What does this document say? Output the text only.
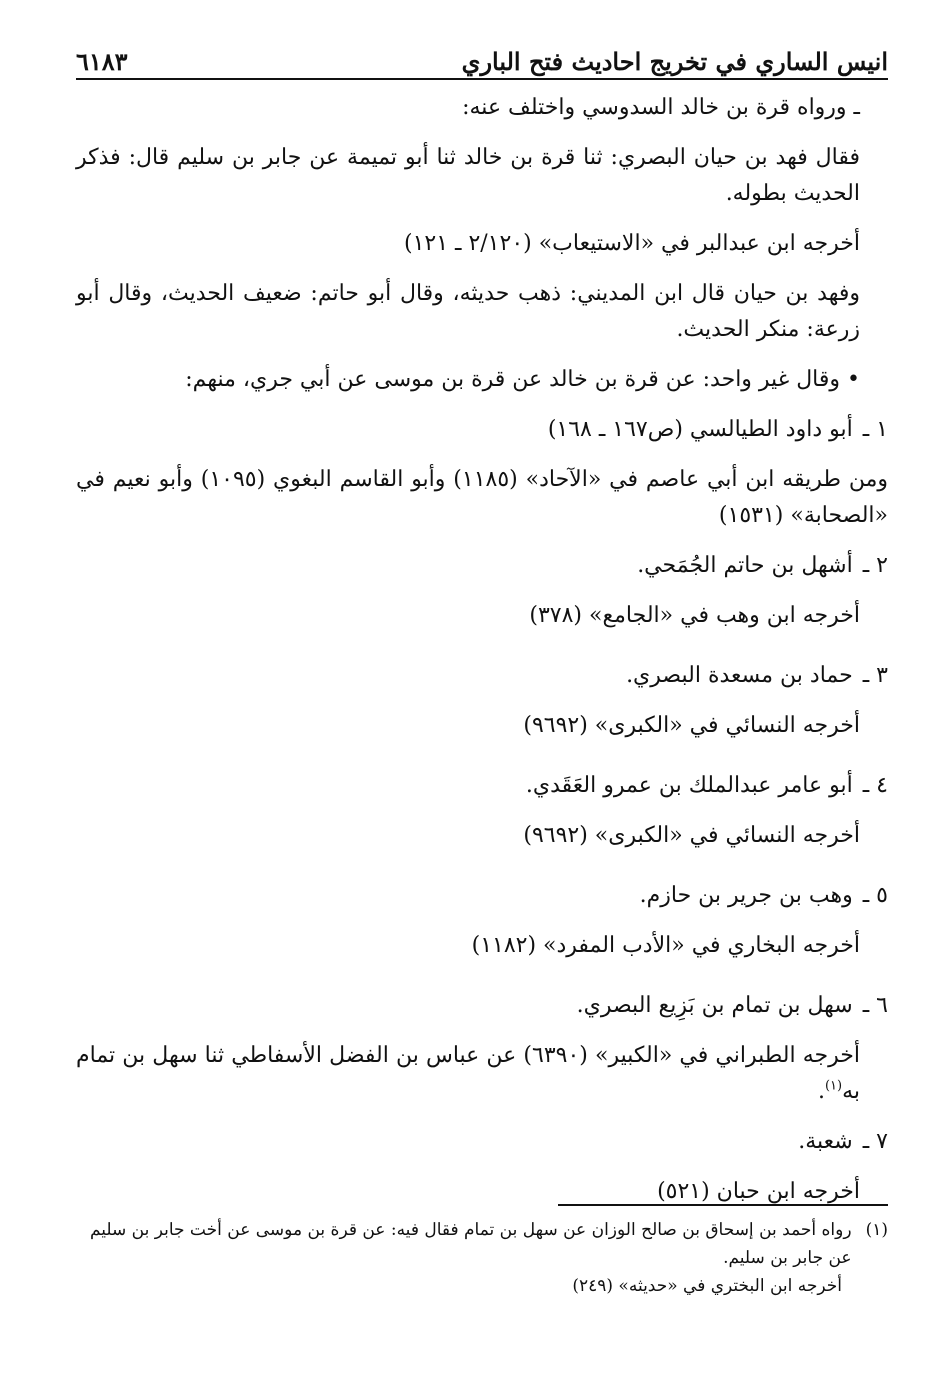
انيس الساري في تخريج احاديث فتح الباري
٦١٨٣

ـ ورواه قرة بن خالد السدوسي واختلف عنه:

فقال فهد بن حيان البصري: ثنا قرة بن خالد ثنا أبو تميمة عن جابر بن سليم قال: فذكر الحديث بطوله.

أخرجه ابن عبدالبر في «الاستيعاب» (٢/١٢٠ ـ ١٢١)

وفهد بن حيان قال ابن المديني: ذهب حديثه، وقال أبو حاتم: ضعيف الحديث، وقال أبو زرعة: منكر الحديث.

• وقال غير واحد: عن قرة بن خالد عن قرة بن موسى عن أبي جري، منهم:

١ ـ
أبو داود الطيالسي (ص١٦٧ ـ ١٦٨)

ومن طريقه ابن أبي عاصم في «الآحاد» (١١٨٥) وأبو القاسم البغوي (١٠٩٥) وأبو نعيم في «الصحابة» (١٥٣١)

٢ ـ
أشهل بن حاتم الجُمَحي.

أخرجه ابن وهب في «الجامع» (٣٧٨)

٣ ـ
حماد بن مسعدة البصري.

أخرجه النسائي في «الكبرى» (٩٦٩٢)

٤ ـ
أبو عامر عبدالملك بن عمرو العَقَدي.

أخرجه النسائي في «الكبرى» (٩٦٩٢)

٥ ـ
وهب بن جرير بن حازم.

أخرجه البخاري في «الأدب المفرد» (١١٨٢)

٦ ـ
سهل بن تمام بن بَزِيع البصري.

أخرجه الطبراني في «الكبير» (٦٣٩٠) عن عباس بن الفضل الأسفاطي ثنا سهل بن تمام به$^{(١)}$.

٧ ـ
شعبة.

أخرجه ابن حبان (٥٢١)

(١)
رواه أحمد بن إسحاق بن صالح الوزان عن سهل بن تمام فقال فيه: عن قرة بن موسى عن أخت جابر بن سليم عن جابر بن سليم.
أخرجه ابن البختري في «حديثه» (٢٤٩)
